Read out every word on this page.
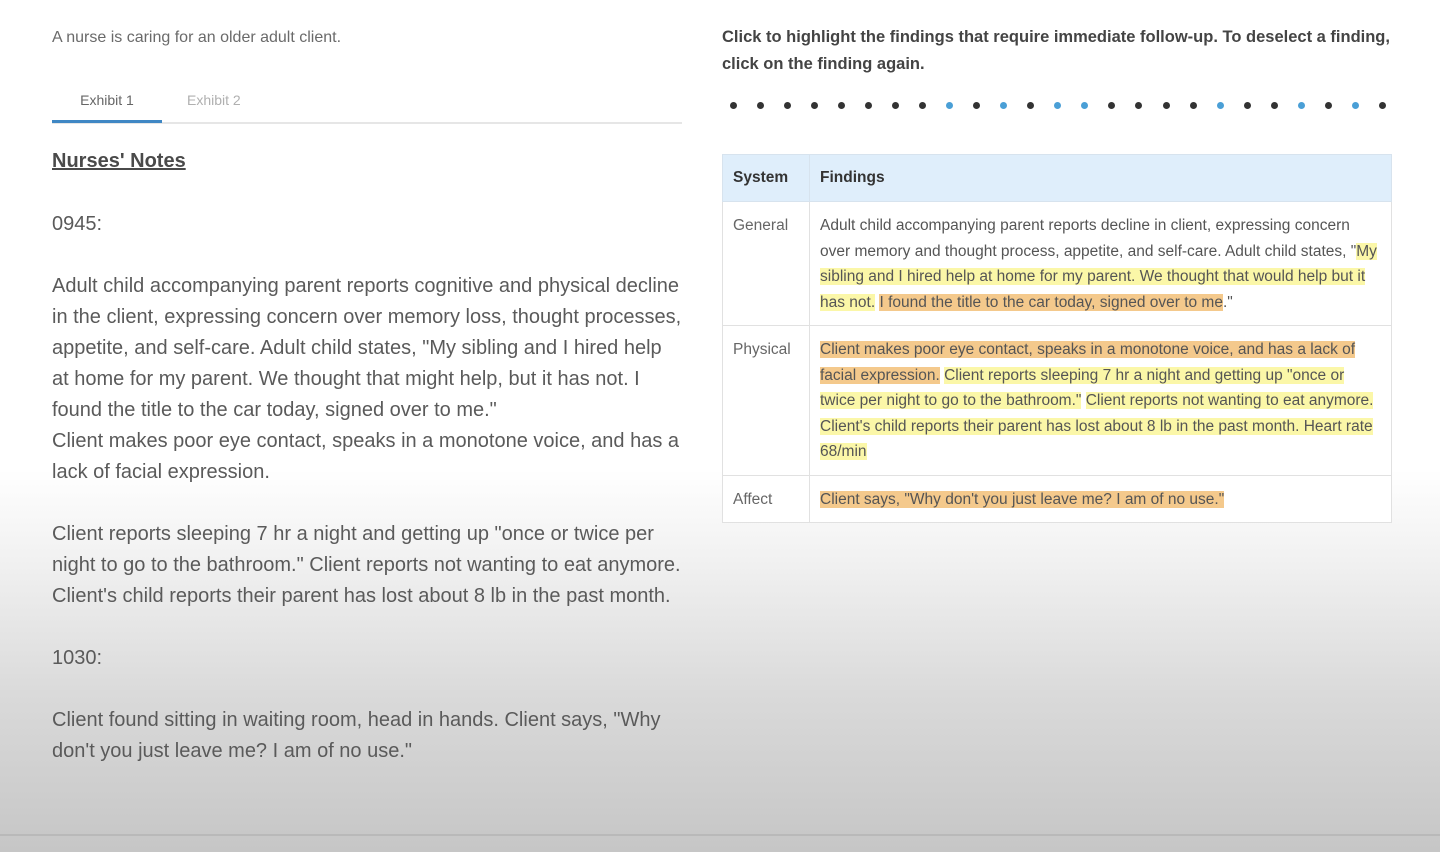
A nurse is caring for an older adult client.

Exhibit 1	Exhibit 2
Nurses' Notes

0945:

Adult child accompanying parent reports cognitive and physical decline in the client, expressing concern over memory loss, thought processes, appetite, and self-care. Adult child states, "My sibling and I hired help at home for my parent. We thought that might help, but it has not. I found the title to the car today, signed over to me."

Client makes poor eye contact, speaks in a monotone voice, and has a lack of facial expression.

Client reports sleeping 7 hr a night and getting up "once or twice per night to go to the bathroom." Client reports not wanting to eat anymore. Client's child reports their parent has lost about 8 lb in the past month.

1030:

Client found sitting in waiting room, head in hands. Client says, "Why don't you just leave me? I am of no use."

Click to highlight the findings that require immediate follow-up. To deselect a finding, click on the finding again.

System	Findings
General	Adult child accompanying parent reports decline in client, expressing concern over memory and thought process, appetite, and self-care. Adult child states, "My sibling and I hired help at home for my parent. We thought that would help but it has not. I found the title to the car today, signed over to me."
Physical	Client makes poor eye contact, speaks in a monotone voice, and has a lack of facial expression. Client reports sleeping 7 hr a night and getting up "once or twice per night to go to the bathroom." Client reports not wanting to eat anymore. Client's child reports their parent has lost about 8 lb in the past month. Heart rate 68/min
Affect	Client says, "Why don't you just leave me? I am of no use."
